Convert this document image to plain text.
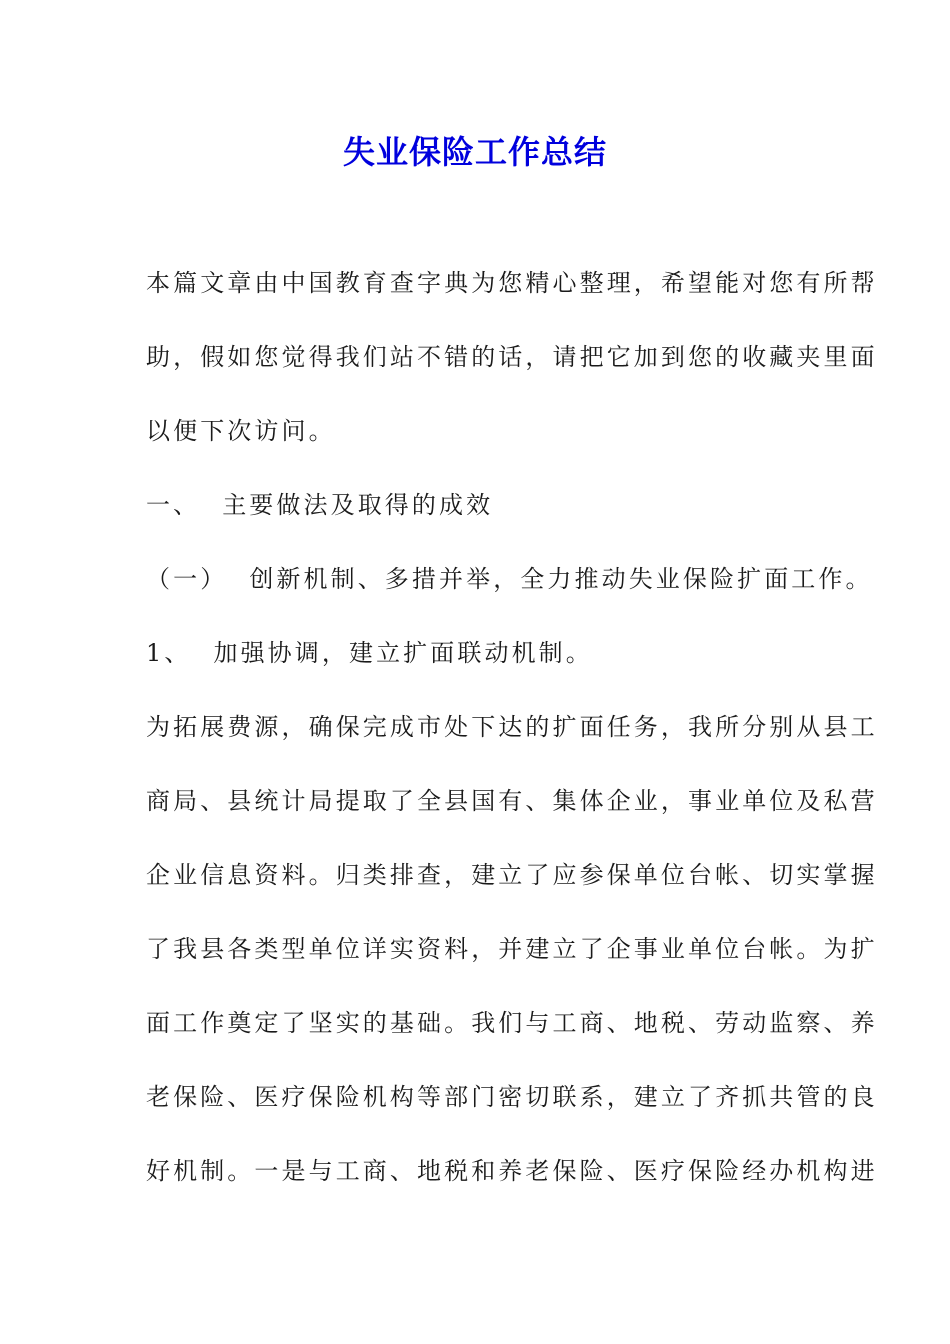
失业保险工作总结
本篇文章由中国教育查字典为您精心整理，希望能对您有所帮
助，假如您觉得我们站不错的话，请把它加到您的收藏夹里面
以便下次访问。
一、 主要做法及取得的成效
（一） 创新机制、多措并举，全力推动失业保险扩面工作。
1、 加强协调，建立扩面联动机制。
为拓展费源，确保完成市处下达的扩面任务，我所分别从县工
商局、县统计局提取了全县国有、集体企业，事业单位及私营
企业信息资料。归类排查，建立了应参保单位台帐、切实掌握
了我县各类型单位详实资料，并建立了企事业单位台帐。为扩
面工作奠定了坚实的基础。我们与工商、地税、劳动监察、养
老保险、医疗保险机构等部门密切联系，建立了齐抓共管的良
好机制。一是与工商、地税和养老保险、医疗保险经办机构进
